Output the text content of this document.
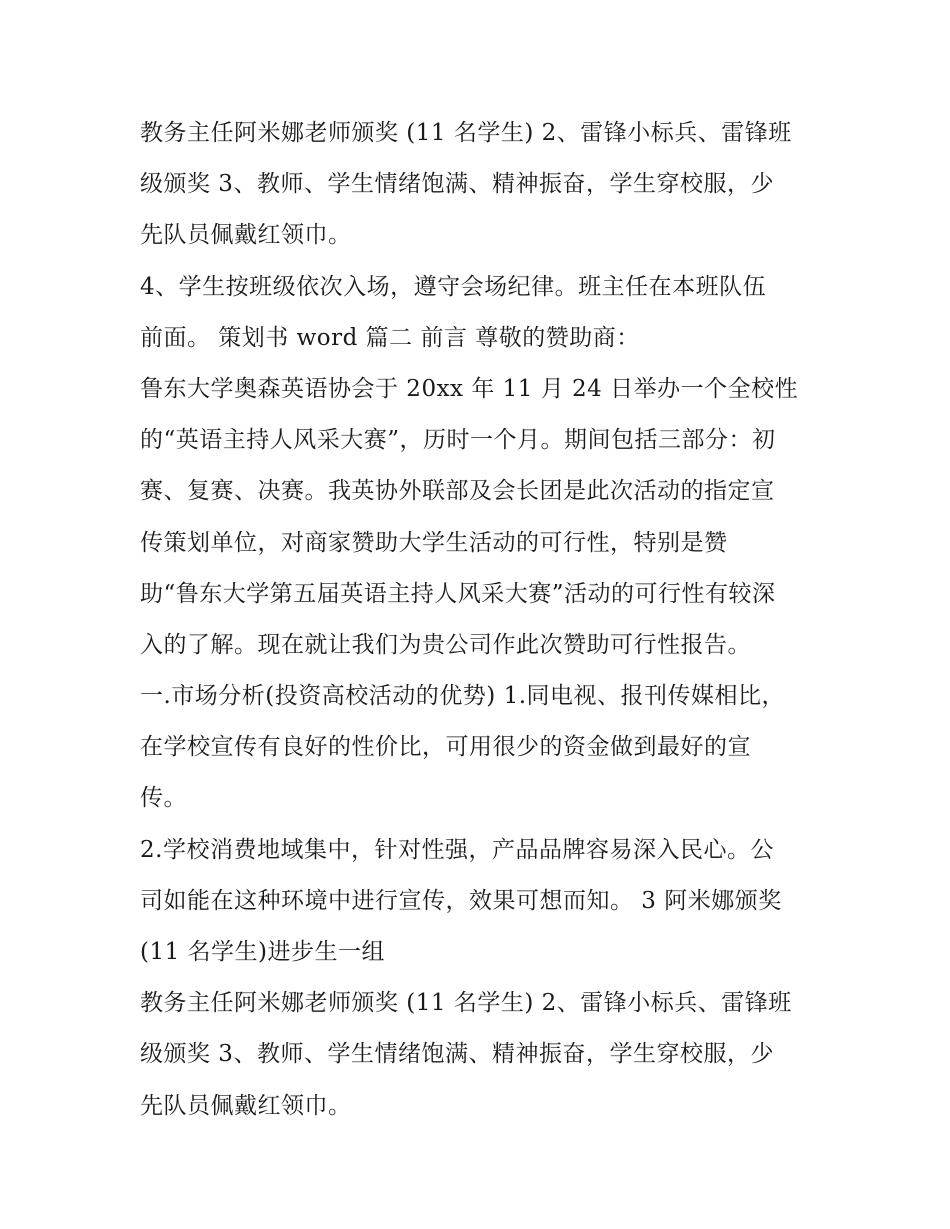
教务主任阿米娜老师颁奖 (11 名学生) 2、雷锋小标兵、雷锋班
级颁奖 3、教师、学生情绪饱满、精神振奋，学生穿校服，少
先队员佩戴红领巾。
4、学生按班级依次入场，遵守会场纪律。班主任在本班队伍
前面。 策划书 word 篇二 前言 尊敬的赞助商：
鲁东大学奥森英语协会于 20xx 年 11 月 24 日举办一个全校性
的“英语主持人风采大赛”，历时一个月。期间包括三部分：初
赛、复赛、决赛。我英协外联部及会长团是此次活动的指定宣
传策划单位，对商家赞助大学生活动的可行性，特别是赞
助“鲁东大学第五届英语主持人风采大赛”活动的可行性有较深
入的了解。现在就让我们为贵公司作此次赞助可行性报告。
一.市场分析(投资高校活动的优势) 1.同电视、报刊传媒相比，
在学校宣传有良好的性价比，可用很少的资金做到最好的宣
传。
2.学校消费地域集中，针对性强，产品品牌容易深入民心。公
司如能在这种环境中进行宣传，效果可想而知。 3 阿米娜颁奖
(11 名学生)进步生一组
教务主任阿米娜老师颁奖 (11 名学生) 2、雷锋小标兵、雷锋班
级颁奖 3、教师、学生情绪饱满、精神振奋，学生穿校服，少
先队员佩戴红领巾。
